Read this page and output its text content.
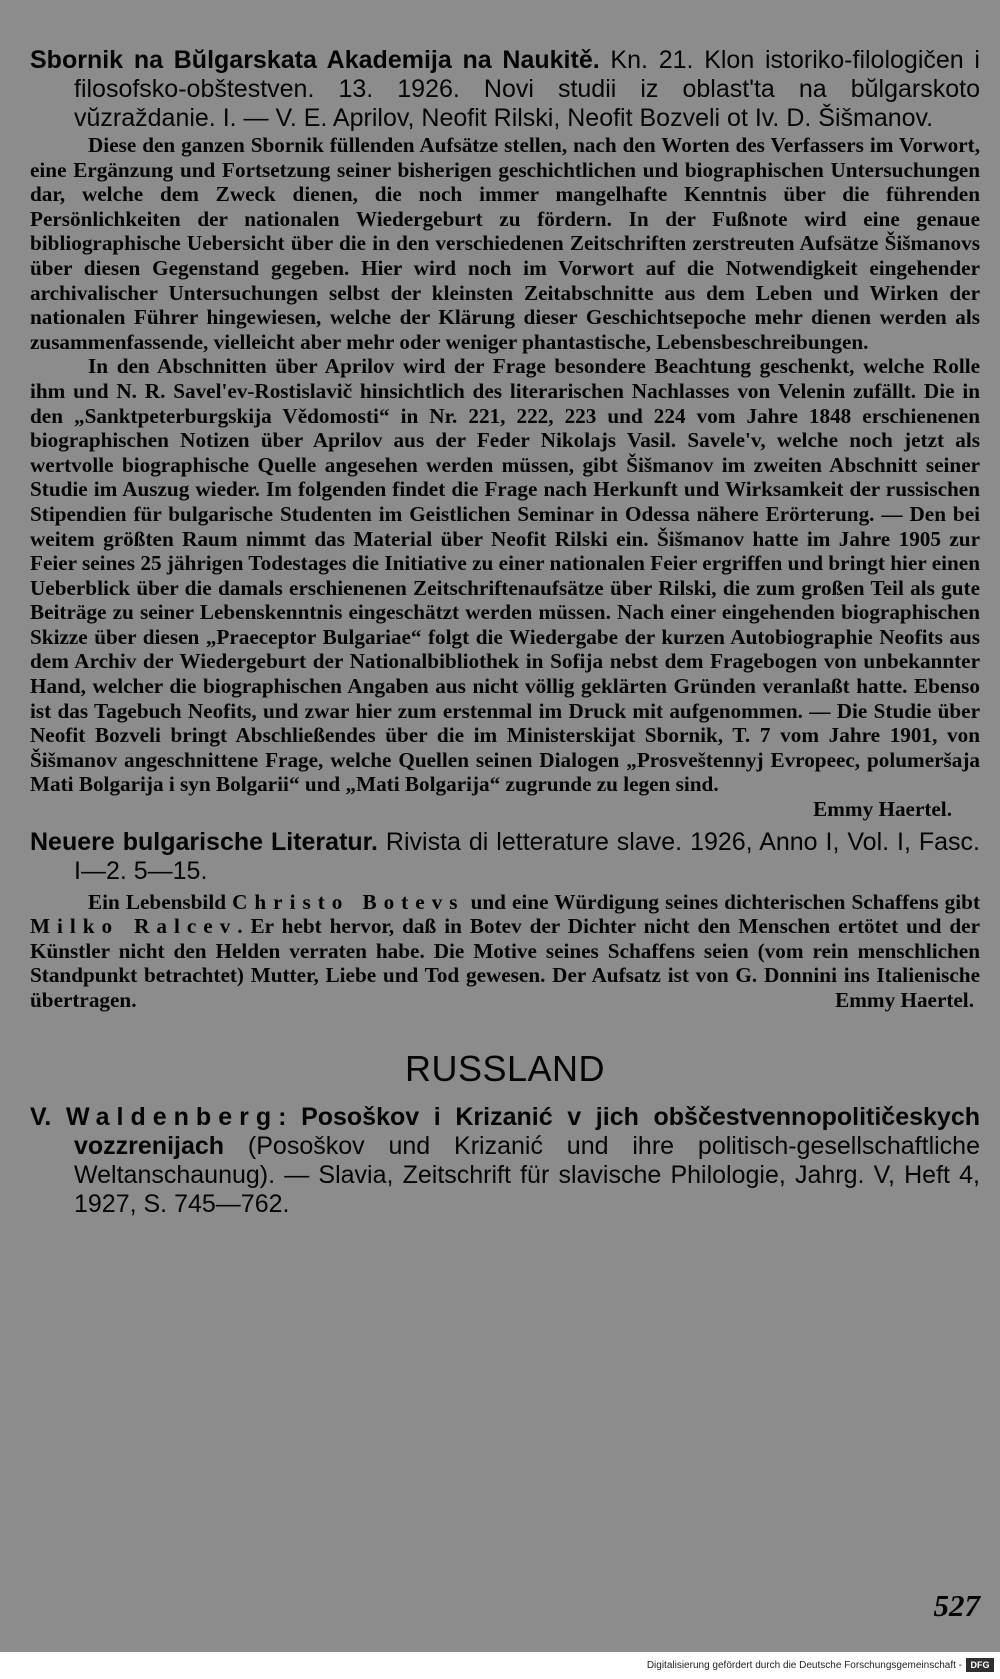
Sbornik na Bŭlgarskata Akademija na Naukitě. Kn. 21. Klon istoriko-filologičen i filosofsko-obštestven. 13. 1926. Novi studii iz oblast'ta na bŭlgarskoto vŭzraždanie. I. — V. E. Aprilov, Neofit Rilski, Neofit Bozveli ot Iv. D. Šišmanov.

Diese den ganzen Sbornik füllenden Aufsätze stellen, nach den Worten des Verfassers im Vorwort, eine Ergänzung und Fortsetzung seiner bisherigen geschichtlichen und biographischen Untersuchungen dar, welche dem Zweck dienen, die noch immer mangelhafte Kenntnis über die führenden Persönlichkeiten der nationalen Wiedergeburt zu fördern. In der Fußnote wird eine genaue bibliographische Uebersicht über die in den verschiedenen Zeitschriften zerstreuten Aufsätze Šišmanovs über diesen Gegenstand gegeben. Hier wird noch im Vorwort auf die Notwendigkeit eingehender archivalischer Untersuchungen selbst der kleinsten Zeitabschnitte aus dem Leben und Wirken der nationalen Führer hingewiesen, welche der Klärung dieser Geschichtsepoche mehr dienen werden als zusammenfassende, vielleicht aber mehr oder weniger phantastische, Lebensbeschreibungen.

In den Abschnitten über Aprilov wird der Frage besondere Beachtung geschenkt, welche Rolle ihm und N. R. Savel'ev-Rostislavič hinsichtlich des literarischen Nachlasses von Velenin zufällt. Die in den „Sanktpeterburgskija Vědomosti“ in Nr. 221, 222, 223 und 224 vom Jahre 1848 erschienenen biographischen Notizen über Aprilov aus der Feder Nikolajs Vasil. Savele'v, welche noch jetzt als wertvolle biographische Quelle angesehen werden müssen, gibt Šišmanov im zweiten Abschnitt seiner Studie im Auszug wieder. Im folgenden findet die Frage nach Herkunft und Wirksamkeit der russischen Stipendien für bulgarische Studenten im Geistlichen Seminar in Odessa nähere Erörterung. — Den bei weitem größten Raum nimmt das Material über Neofit Rilski ein. Šišmanov hatte im Jahre 1905 zur Feier seines 25 jährigen Todestages die Initiative zu einer nationalen Feier ergriffen und bringt hier einen Ueberblick über die damals erschienenen Zeitschriftenaufsätze über Rilski, die zum großen Teil als gute Beiträge zu seiner Lebenskenntnis eingeschätzt werden müssen. Nach einer eingehenden biographischen Skizze über diesen „Praeceptor Bulgariae“ folgt die Wiedergabe der kurzen Autobiographie Neofits aus dem Archiv der Wiedergeburt der Nationalbibliothek in Sofija nebst dem Fragebogen von unbekannter Hand, welcher die biographischen Angaben aus nicht völlig geklärten Gründen veranlaßt hatte. Ebenso ist das Tagebuch Neofits, und zwar hier zum erstenmal im Druck mit aufgenommen. — Die Studie über Neofit Bozveli bringt Abschließendes über die im Ministerskijat Sbornik, T. 7 vom Jahre 1901, von Šišmanov angeschnittene Frage, welche Quellen seinen Dialogen „Prosveštennyj Evropeec, polumeršaja Mati Bolgarija i syn Bolgarii“ und „Mati Bolgarija“ zugrunde zu legen sind.

Emmy Haertel.

Neuere bulgarische Literatur. Rivista di letterature slave. 1926, Anno I, Vol. I, Fasc. I—2. 5—15.

Ein Lebensbild Christo Botevs und eine Würdigung seines dichterischen Schaffens gibt Milko Ralcev. Er hebt hervor, daß in Botev der Dichter nicht den Menschen ertötet und der Künstler nicht den Helden verraten habe. Die Motive seines Schaffens seien (vom rein menschlichen Standpunkt betrachtet) Mutter, Liebe und Tod gewesen. Der Aufsatz ist von G. Donnini ins Italienische übertragen.	Emmy Haertel.

RUSSLAND

V. Waldenberg: Posoškov i Krizanić v jich obščestvennopolitičeskych vozzrenijach (Posoškov und Krizanić und ihre politisch-gesellschaftliche Weltanschaunug). — Slavia, Zeitschrift für slavische Philologie, Jahrg. V, Heft 4, 1927, S. 745—762.

527
Digitalisierung gefördert durch die Deutsche Forschungsgemeinschaft - DFG
